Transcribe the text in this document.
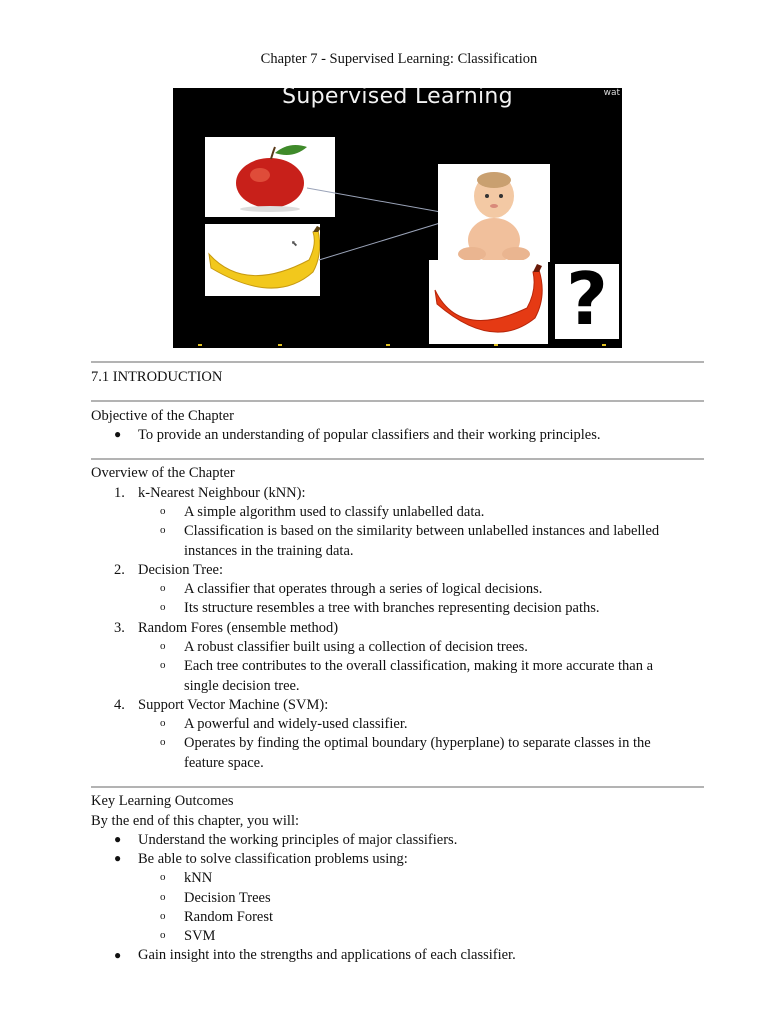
Chapter 7 - Supervised Learning: Classification
Supervised Learning	wat
⬉
?
7.1 INTRODUCTION
Objective of the Chapter
● To provide an understanding of popular classifiers and their working principles.
Overview of the Chapter
1. k-Nearest Neighbour (kNN):
o A simple algorithm used to classify unlabelled data.
o Classification is based on the similarity between unlabelled instances and labelled
instances in the training data.
2. Decision Tree:
o A classifier that operates through a series of logical decisions.
o Its structure resembles a tree with branches representing decision paths.
3. Random Fores (ensemble method)
o A robust classifier built using a collection of decision trees.
o Each tree contributes to the overall classification, making it more accurate than a
single decision tree.
4. Support Vector Machine (SVM):
o A powerful and widely-used classifier.
o Operates by finding the optimal boundary (hyperplane) to separate classes in the
feature space.
Key Learning Outcomes
By the end of this chapter, you will:
● Understand the working principles of major classifiers.
● Be able to solve classification problems using:
o kNN
o Decision Trees
o Random Forest
o SVM
● Gain insight into the strengths and applications of each classifier.
